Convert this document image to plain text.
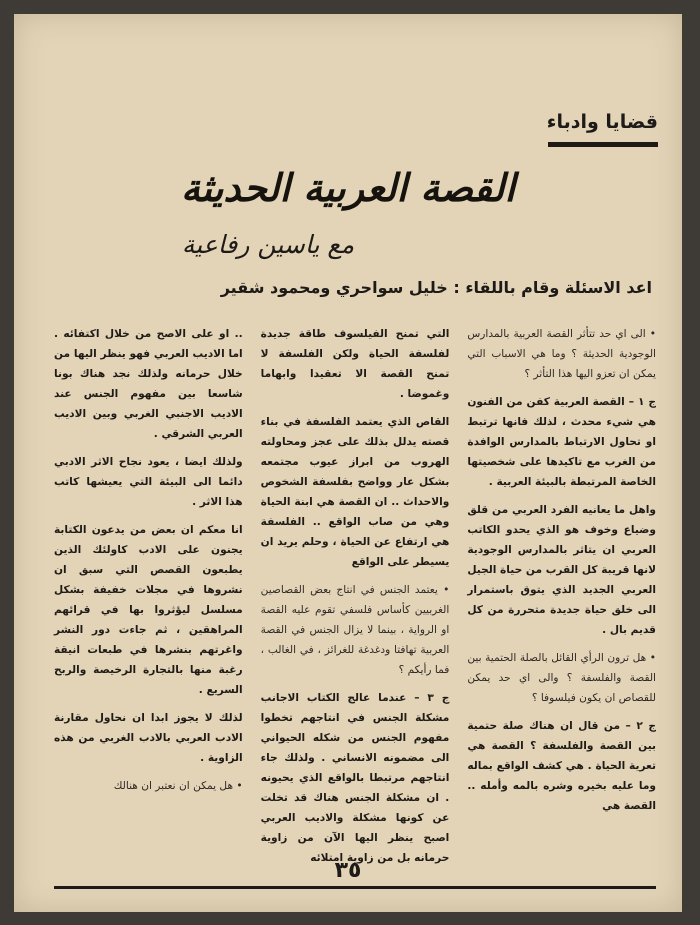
قضايا وادباء
القصة العربية الحديثة
مع ياسين رفاعية
اعد الاسئلة وقام باللقاء : خليل سواحري ومحمود شقير

• الى اي حد تتأثر القصة العربية بالمدارس الوجودية الحديثة ؟ وما هي الاسباب التي يمكن ان تعزو اليها هذا التأثر ؟

ج ١ – القصة العربية كفن من الفنون هي شيء محدث ، لذلك فانها ترتبط او تحاول الارتباط بالمدارس الوافدة من الغرب مع تاكيدها على شخصيتها الخاصة المرتبطة بالبيئة العربية .

واهل ما يعانيه الفرد العربي من قلق وضياع وخوف هو الذي يحدو الكاتب العربي ان يتاثر بالمدارس الوجودية لانها قريبة كل القرب من حياة الجيل العربي الجديد الذي يتوق باستمرار الى خلق حياة جديدة متحررة من كل قديم بال .

• هل ترون الرأي القائل بالصلة الحتمية بين القصة والفلسفة ؟ والى اي حد يمكن للقصاص ان يكون فيلسوفا ؟

ج ٢ – من قال ان هناك صلة حتمية بين القصة والفلسفة ؟ القصة هي تعرية الحياة . هي كشف الواقع بماله وما عليه بخيره وشره بالمه وأمله .. القصة هي

التي تمنح الفيلسوف طاقة جديدة لفلسفة الحياة ولكن الفلسفة لا تمنح القصة الا تعقيدا وابهاما وغموضا .

القاص الذي يعتمد الفلسفة في بناء قصته يدلل بذلك على عجز ومحاولته الهروب من ابراز عيوب مجتمعه بشكل عار وواضح بفلسفة الشخوص والاحداث .. ان القصة هي ابنة الحياة وهي من صاب الواقع .. الفلسفة هي ارتفاع عن الحياة ، وحلم يريد ان يسيطر على الواقع

• يعتمد الجنس في انتاج بعض القصاصين الغربيين كأساس فلسفي تقوم عليه القصة او الرواية ، بينما لا يزال الجنس في القصة العربية تهافتا ودغدغة للغرائز ، في الغالب ، فما رأيكم ؟

ج ٣ – عندما عالج الكتاب الاجانب مشكلة الجنس في انتاجهم تخطوا مفهوم الجنس من شكله الحيواني الى مضمونه الانساني . ولذلك جاء انتاجهم مرتبطا بالواقع الذي يحيونه . ان مشكلة الجنس هناك قد تخلت عن كونها مشكلة والاديب العربي اصبح ينظر اليها الآن من زاوية حرمانه بل من زاوية امتلائه

.. او على الاصح من خلال اكتفائه . اما الاديب العربي فهو ينظر اليها من خلال حرمانه ولذلك نجد هناك بونا شاسعا بين مفهوم الجنس عند الاديب الاجنبي الغربي وبين الاديب العربي الشرقي .

ولذلك ايضا ، يعود نجاح الاثر الادبي دائما الى البيئة التي يعيشها كاتب هذا الاثر .

انا معكم ان بعض من يدعون الكتابة يجنون على الادب كاولئك الذين يطبعون القصص التي سبق ان نشروها في مجلات خفيفة بشكل مسلسل ليؤثروا بها في قرائهم المراهقين ، ثم جاءت دور النشر واغرتهم بنشرها في طبعات انيقة رغبة منها بالتجارة الرخيصة والربح السريع .

لذلك لا يجوز ابدا ان نحاول مقارنة الادب العربي بالادب الغربي من هذه الزاوية .

• هل يمكن ان نعتبر ان هنالك

٣٥
